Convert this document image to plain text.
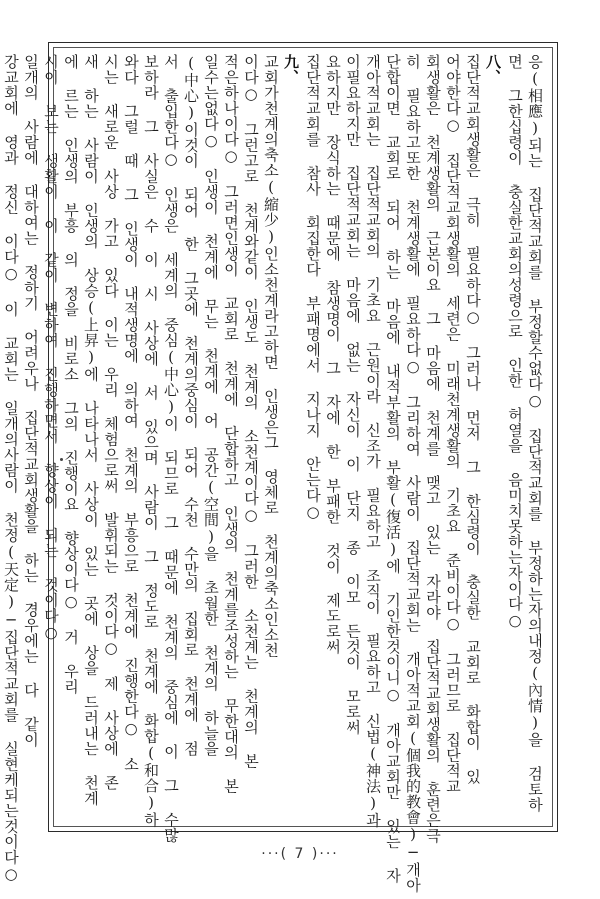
응(相應)되는 집단적교회를 부정할수없다○ 집단적교회를 부정하는자의내정(內情)을 검토하
면 그한십령이 충실한교회의성령으로 인한 허열을 음미치못하는자이다○
八、
집단적교회생활은 극히 필요하다○ 그러나 먼저 그 한심령이 충실한 교회로 화합이 있
어야한다○ 집단적교회생활의 세련은 미래천계생활의 기초요 준비이다○ 그러므로 집단적교
회생활은 천계생활의 근본이요 그 마음에 천계를 맺고 있는 자라야 집단적교회생활의 훈련은극
히 필요하고또한 천계생활에 필요하다○ 그리하여 사람이 집단적교회는 개아적교회(個我的教會)─개아
단합이면 교회로 되어 하는 마음에 내적부활의 부활(復活)에 기인한것이니○ 개아교회만 있는 자
개아적교회는 집단적교회의 기초요 근원이라 신조가 필요하고 조직이 필요하고 신법(神法)과
이필요하지만 집단적교회는 마음에 없는 자신이 이 단지 종 이모 든것이 모로써
요하지만 장식하는 때문에 참생명이 그 자에 한 부패한 것이 제도로써
집단적교회를 참사 회집한다 부패명에서 지나지 안는다○
九、
교회가천계의축소(縮少)인소천계라고하면 인생은그 영체로 천계의축소인소천
이다○ 그런고로 천계와같이 인생도 천계의 소천계이다○ 그러한 소천계는 천계의 본
적은하나이다○ 그러면인생이 교회로 천계에 단합하고 인생의 천계를조성하는 무한대의 본
일수는없다○ 인생이 천계에 무는 천계에 어 공간(空間)을 초월한 천계의 하늘을
(中心)이것이 되어 한 그곳에 천계의중심이 되어 수천 수만의 집회로 천계에 점
서 출입한다○ 인생은 세계의 중심(中心)이 되므로 그 때문에 천계의 중심에 이 그 수많
보하라 그 사실은 수 이 시 사상에 서 있으며 사람이 그 정도로 천계에 화합(和合)하
와다 그럴 때 그 인생이 내적생명에 의하여 천계의 부흥으로 천계에 진행한다○ 소
시는 새로운 사상 가고 있다 이는 우리 체험으로써 발휘되는 것이다○ 제 사상에 존
새 하는 사람이 인생의 상승(上昇)에 나타나서 사상이 있는 곳에 상을 드러내는 천계
에 르는 인생의 부흥 의 정을 비로소 그의 진행이요 향상이다○ 거 우리
시이 보는 생활이 이 같이 변하여 진행하면서 향상이 되는 것이다○
일개의 사람에 대하여는 정하기 어려우나 집단적교회생활을 하는 경우에는 다 같이
강교회에 영과 정신 이다○ 이 교회는 일개의사람이 천정(天定)─집단적교회를 실현케되는것이다○	···( 7 )···
